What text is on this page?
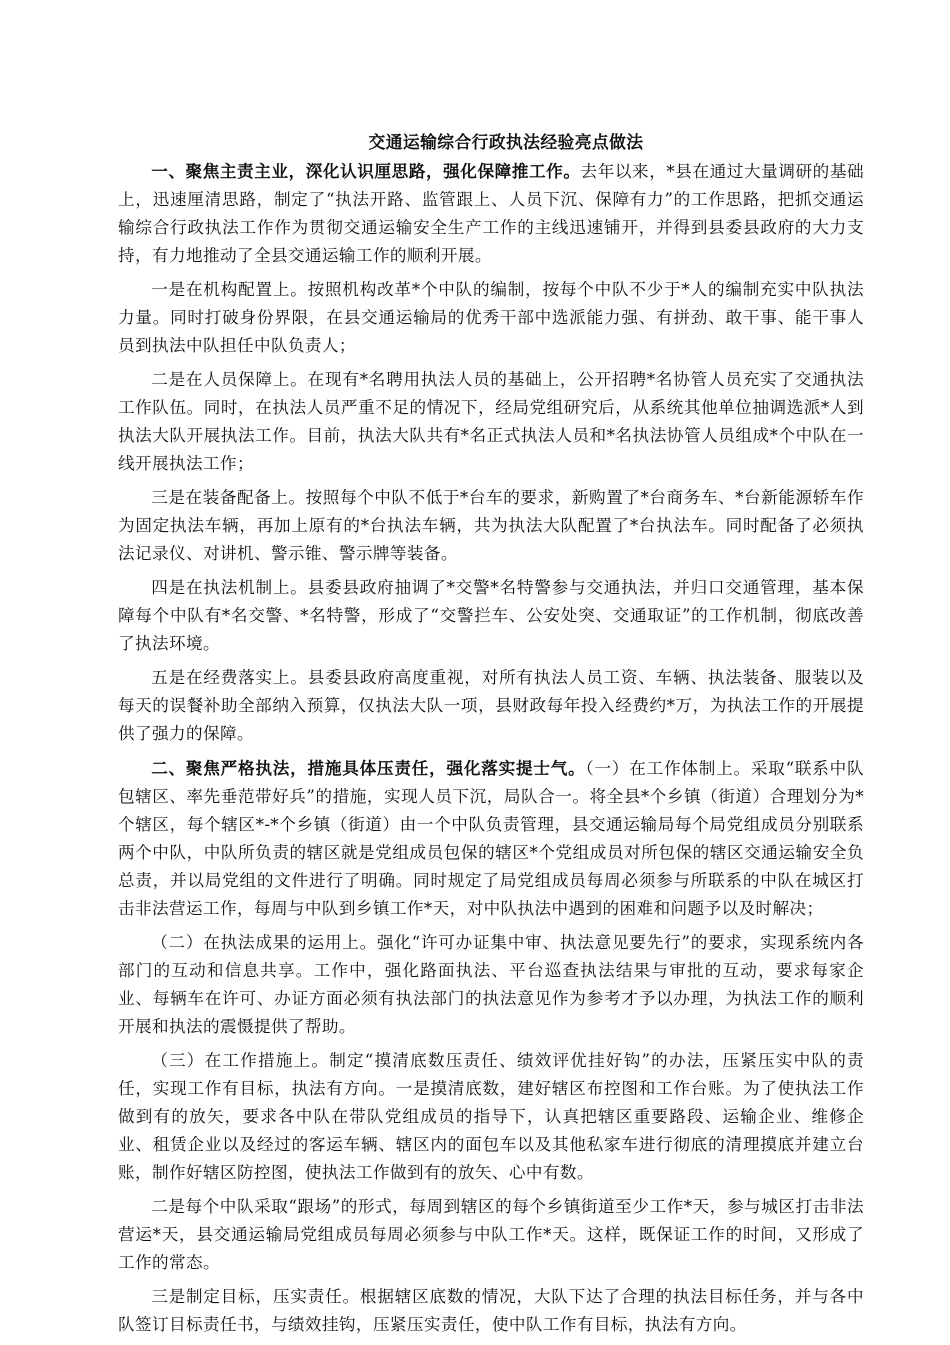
交通运输综合行政执法经验亮点做法

一、聚焦主责主业，深化认识厘思路，强化保障推工作。去年以来，*县在通过大量调研的基础上，迅速厘清思路，制定了“执法开路、监管跟上、人员下沉、保障有力”的工作思路，把抓交通运输综合行政执法工作作为贯彻交通运输安全生产工作的主线迅速铺开，并得到县委县政府的大力支持，有力地推动了全县交通运输工作的顺利开展。

一是在机构配置上。按照机构改革*个中队的编制，按每个中队不少于*人的编制充实中队执法力量。同时打破身份界限，在县交通运输局的优秀干部中选派能力强、有拼劲、敢干事、能干事人员到执法中队担任中队负责人；

二是在人员保障上。在现有*名聘用执法人员的基础上，公开招聘*名协管人员充实了交通执法工作队伍。同时，在执法人员严重不足的情况下，经局党组研究后，从系统其他单位抽调选派*人到执法大队开展执法工作。目前，执法大队共有*名正式执法人员和*名执法协管人员组成*个中队在一线开展执法工作；

三是在装备配备上。按照每个中队不低于*台车的要求，新购置了*台商务车、*台新能源轿车作为固定执法车辆，再加上原有的*台执法车辆，共为执法大队配置了*台执法车。同时配备了必须执法记录仪、对讲机、警示锥、警示牌等装备。

四是在执法机制上。县委县政府抽调了*交警*名特警参与交通执法，并归口交通管理，基本保障每个中队有*名交警、*名特警，形成了“交警拦车、公安处突、交通取证”的工作机制，彻底改善了执法环境。

五是在经费落实上。县委县政府高度重视，对所有执法人员工资、车辆、执法装备、服装以及每天的误餐补助全部纳入预算，仅执法大队一项，县财政每年投入经费约*万，为执法工作的开展提供了强力的保障。

二、聚焦严格执法，措施具体压责任，强化落实提士气。（一）在工作体制上。采取“联系中队包辖区、率先垂范带好兵”的措施，实现人员下沉，局队合一。将全县*个乡镇（街道）合理划分为*个辖区，每个辖区*-*个乡镇（街道）由一个中队负责管理，县交通运输局每个局党组成员分别联系两个中队，中队所负责的辖区就是党组成员包保的辖区*个党组成员对所包保的辖区交通运输安全负总责，并以局党组的文件进行了明确。同时规定了局党组成员每周必须参与所联系的中队在城区打击非法营运工作，每周与中队到乡镇工作*天，对中队执法中遇到的困难和问题予以及时解决；

（二）在执法成果的运用上。强化“许可办证集中审、执法意见要先行”的要求，实现系统内各部门的互动和信息共享。工作中，强化路面执法、平台巡查执法结果与审批的互动，要求每家企业、每辆车在许可、办证方面必须有执法部门的执法意见作为参考才予以办理，为执法工作的顺利开展和执法的震慑提供了帮助。

（三）在工作措施上。制定“摸清底数压责任、绩效评优挂好钩”的办法，压紧压实中队的责任，实现工作有目标，执法有方向。一是摸清底数，建好辖区布控图和工作台账。为了使执法工作做到有的放矢，要求各中队在带队党组成员的指导下，认真把辖区重要路段、运输企业、维修企业、租赁企业以及经过的客运车辆、辖区内的面包车以及其他私家车进行彻底的清理摸底并建立台账，制作好辖区防控图，使执法工作做到有的放矢、心中有数。

二是每个中队采取“跟场”的形式，每周到辖区的每个乡镇街道至少工作*天，参与城区打击非法营运*天，县交通运输局党组成员每周必须参与中队工作*天。这样，既保证工作的时间，又形成了工作的常态。

三是制定目标，压实责任。根据辖区底数的情况，大队下达了合理的执法目标任务，并与各中队签订目标责任书，与绩效挂钩，压紧压实责任，使中队工作有目标，执法有方向。
